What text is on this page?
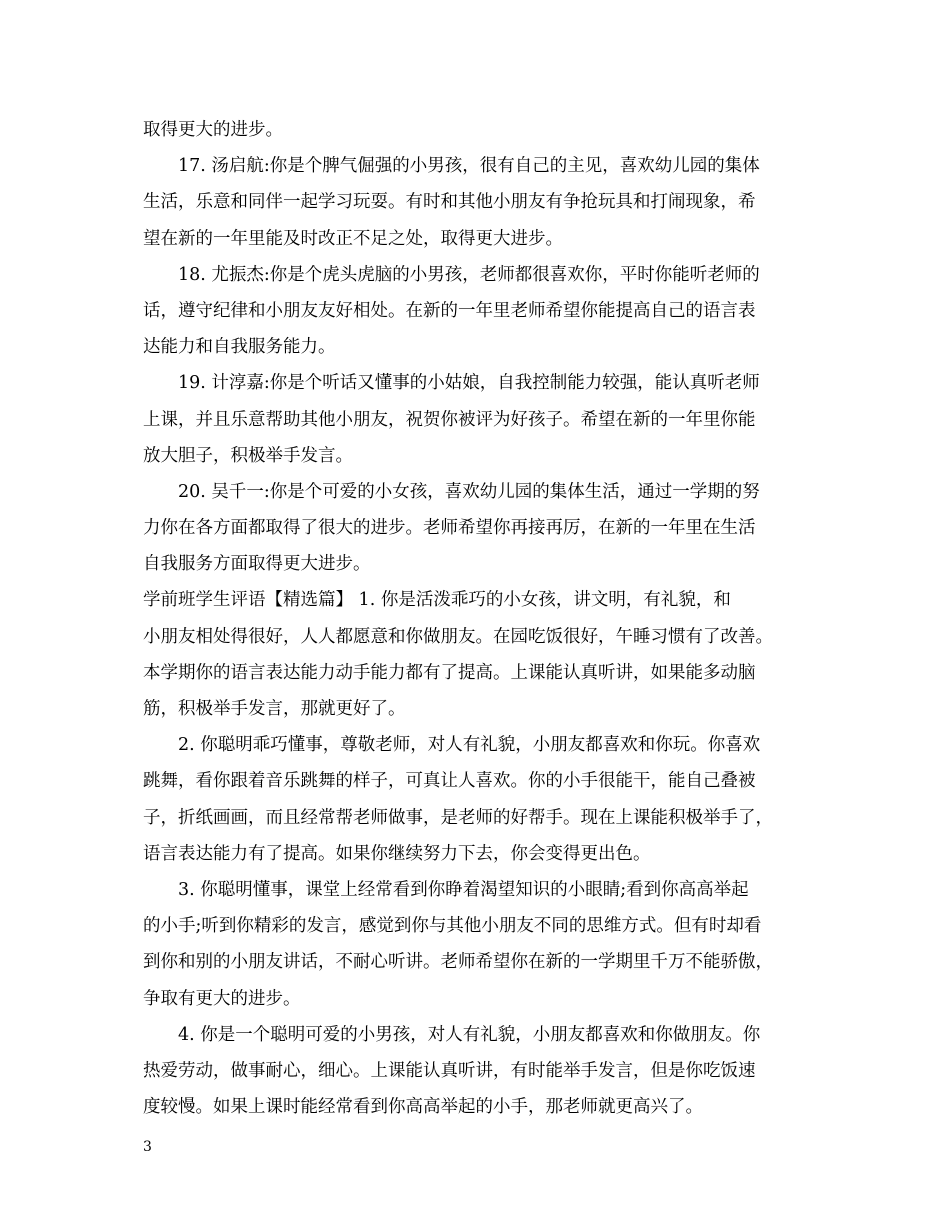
取得更大的进步。
17. 汤启航:你是个脾气倔强的小男孩，很有自己的主见，喜欢幼儿园的集体
生活，乐意和同伴一起学习玩耍。有时和其他小朋友有争抢玩具和打闹现象，希
望在新的一年里能及时改正不足之处，取得更大进步。
18. 尤振杰:你是个虎头虎脑的小男孩，老师都很喜欢你，平时你能听老师的
话，遵守纪律和小朋友友好相处。在新的一年里老师希望你能提高自己的语言表
达能力和自我服务能力。
19. 计淳嘉:你是个听话又懂事的小姑娘，自我控制能力较强，能认真听老师
上课，并且乐意帮助其他小朋友，祝贺你被评为好孩子。希望在新的一年里你能
放大胆子，积极举手发言。
20. 吴千一:你是个可爱的小女孩，喜欢幼儿园的集体生活，通过一学期的努
力你在各方面都取得了很大的进步。老师希望你再接再厉，在新的一年里在生活
自我服务方面取得更大进步。
学前班学生评语【精选篇】 1. 你是活泼乖巧的小女孩，讲文明，有礼貌，和
小朋友相处得很好，人人都愿意和你做朋友。在园吃饭很好，午睡习惯有了改善。
本学期你的语言表达能力动手能力都有了提高。上课能认真听讲，如果能多动脑
筋，积极举手发言，那就更好了。
2. 你聪明乖巧懂事，尊敬老师，对人有礼貌，小朋友都喜欢和你玩。你喜欢
跳舞，看你跟着音乐跳舞的样子，可真让人喜欢。你的小手很能干，能自己叠被
子，折纸画画，而且经常帮老师做事，是老师的好帮手。现在上课能积极举手了，
语言表达能力有了提高。如果你继续努力下去，你会变得更出色。
3. 你聪明懂事，课堂上经常看到你睁着渴望知识的小眼睛;看到你高高举起
的小手;听到你精彩的发言，感觉到你与其他小朋友不同的思维方式。但有时却看
到你和别的小朋友讲话，不耐心听讲。老师希望你在新的一学期里千万不能骄傲，
争取有更大的进步。
4. 你是一个聪明可爱的小男孩，对人有礼貌，小朋友都喜欢和你做朋友。你
热爱劳动，做事耐心，细心。上课能认真听讲，有时能举手发言，但是你吃饭速
度较慢。如果上课时能经常看到你高高举起的小手，那老师就更高兴了。
3
